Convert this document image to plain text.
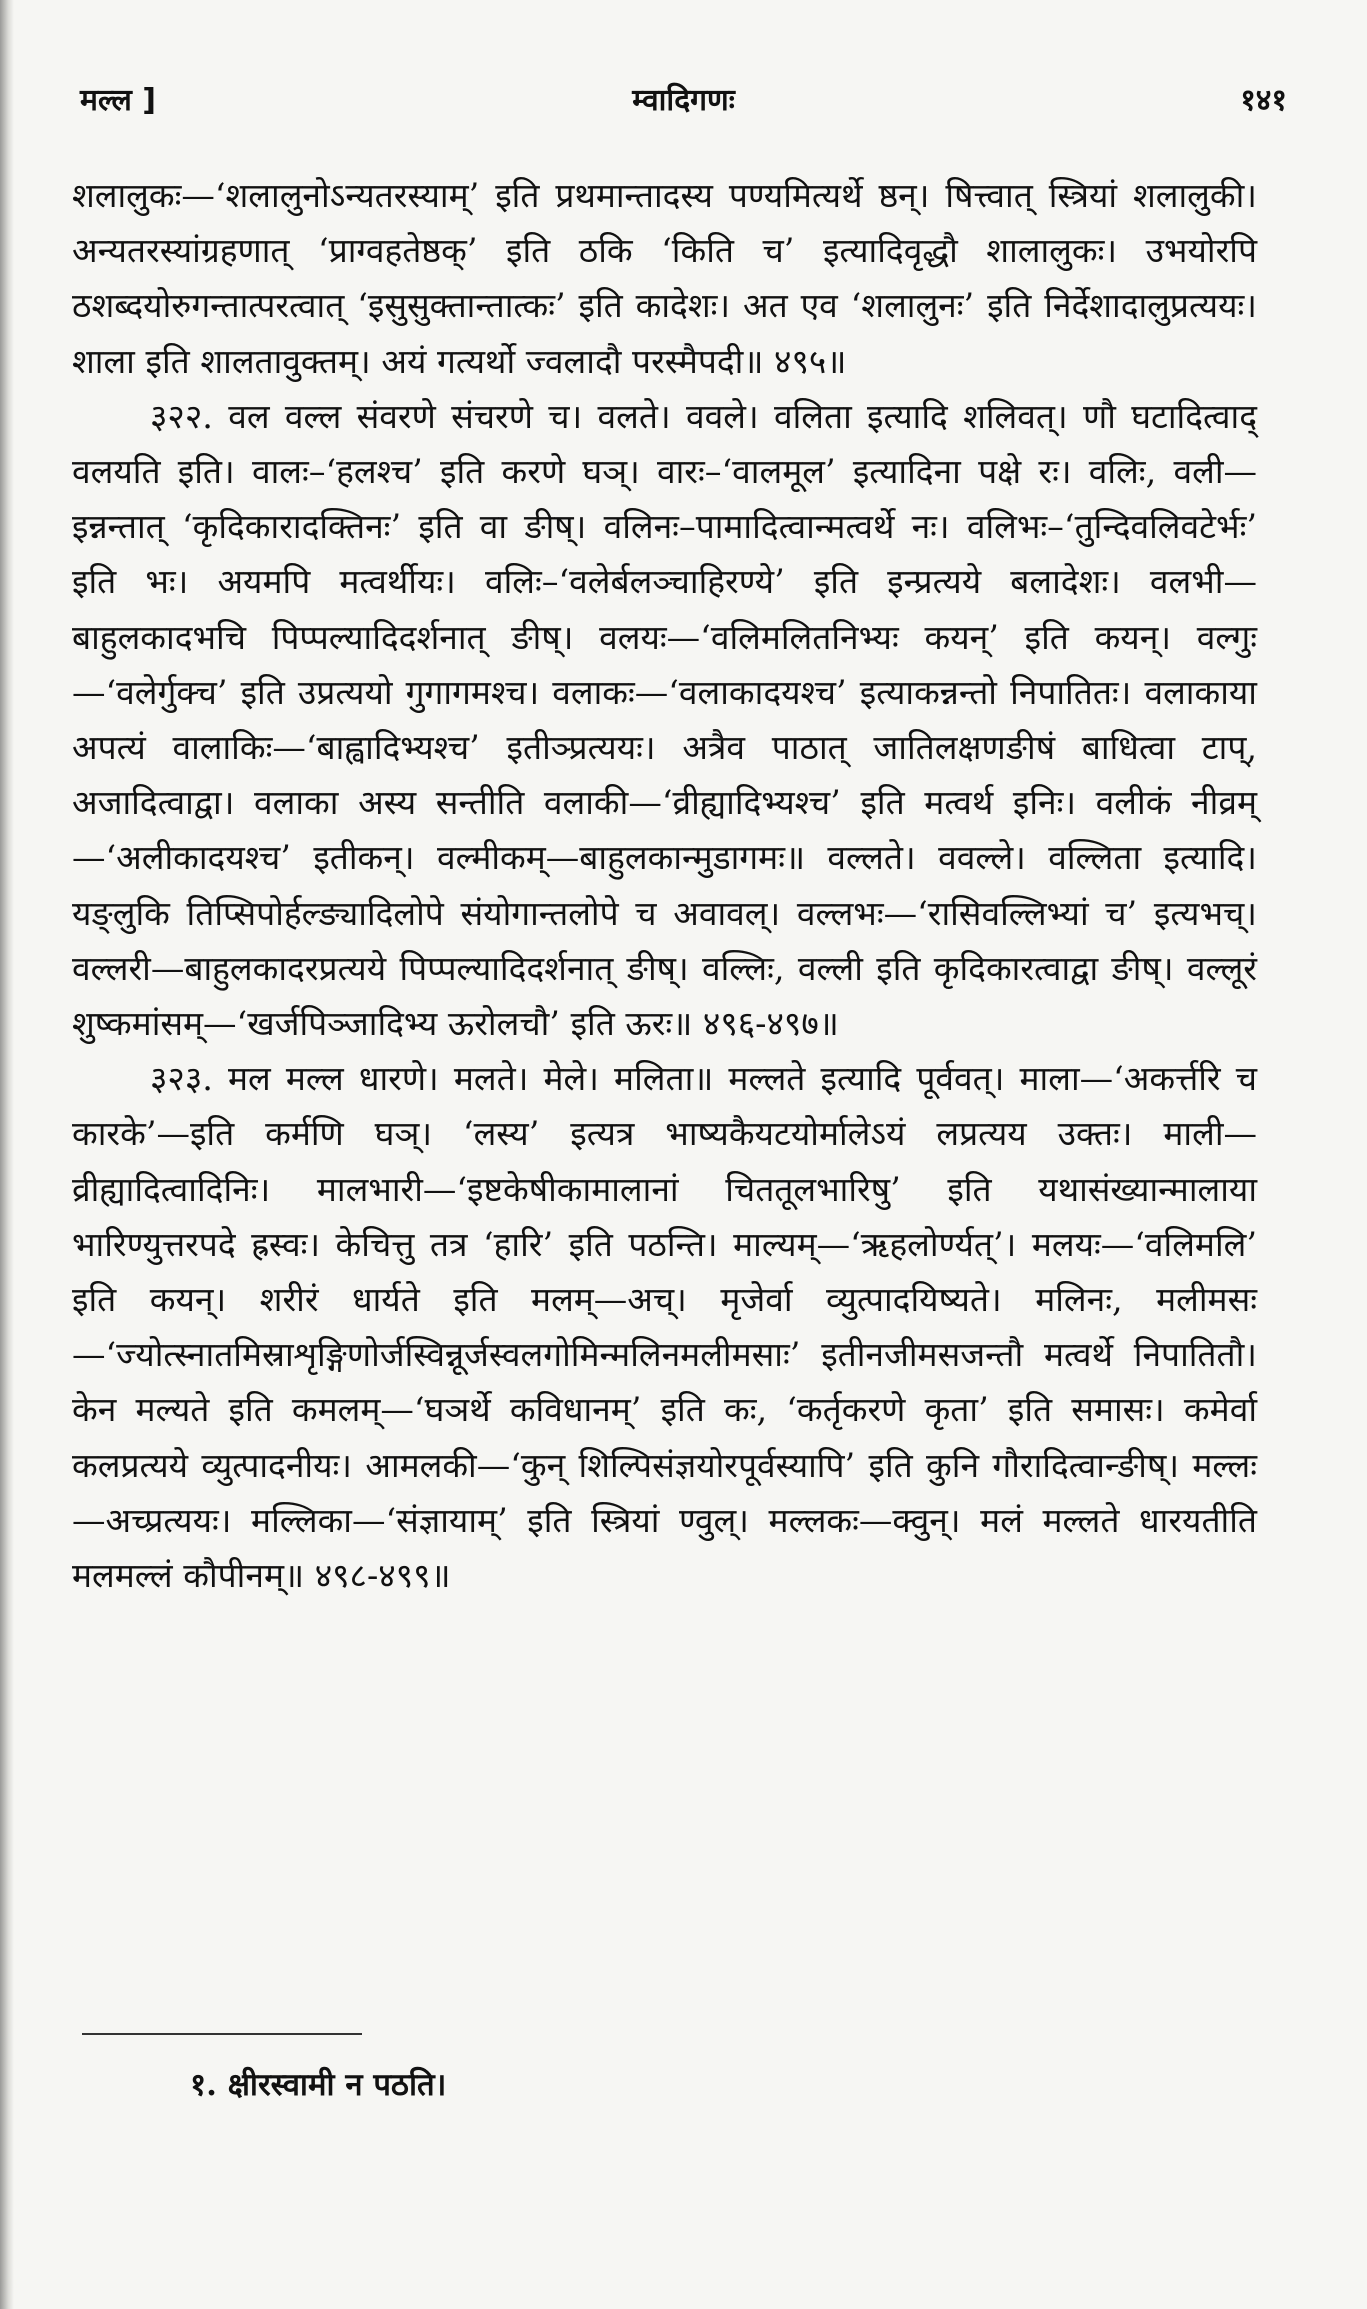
मल्ल ]	म्वादिगणः	१४१

शलालुकः—‘शलालुनोऽन्यतरस्याम्’ इति प्रथमान्तादस्य पण्यमित्यर्थे ष्ठन्। षित्त्वात् स्त्रियां शलालुकी। अन्यतरस्यांग्रहणात् ‘प्राग्वहतेष्ठक्’ इति ठकि ‘किति च’ इत्यादिवृद्धौ शालालुकः। उभयोरपि ठशब्दयोरुगन्तात्परत्वात् ‘इसुसुक्तान्तात्कः’ इति कादेशः। अत एव ‘शलालुनः’ इति निर्देशादालुप्रत्ययः। शाला इति शालतावुक्तम्। अयं गत्यर्थो ज्वलादौ परस्मैपदी॥ ४९५॥

३२२. वल वल्ल संवरणे संचरणे च। वलते। ववले। वलिता इत्यादि शलिवत्। णौ घटादित्वाद् वलयति इति। वालः–‘हलश्च’ इति करणे घञ्। वारः–‘वालमूल’ इत्यादिना पक्षे रः। वलिः, वली—इन्नन्तात् ‘कृदिकारादक्तिनः’ इति वा ङीष्। वलिनः–पामादित्वान्मत्वर्थे नः। वलिभः–‘तुन्दिवलिवटेर्भः’ इति भः। अयमपि मत्वर्थीयः। वलिः–‘वलेर्बलञ्चाहिरण्ये’ इति इन्प्रत्यये बलादेशः। वलभी—बाहुलकादभचि पिप्पल्यादिदर्शनात् ङीष्। वलयः—‘वलिमलितनिभ्यः कयन्’ इति कयन्। वल्गुः—‘वलेर्गुक्च’ इति उप्रत्ययो गुगागमश्च। वलाकः—‘वलाकादयश्च’ इत्याकन्नन्तो निपातितः। वलाकाया अपत्यं वालाकिः—‘बाह्वादिभ्यश्च’ इतीञ्प्रत्ययः। अत्रैव पाठात् जातिलक्षणङीषं बाधित्वा टाप्, अजादित्वाद्वा। वलाका अस्य सन्तीति वलाकी—‘व्रीह्यादिभ्यश्च’ इति मत्वर्थ इनिः। वलीकं नीव्रम्—‘अलीकादयश्च’ इतीकन्। वल्मीकम्—बाहुलकान्मुडागमः॥ वल्लते। ववल्ले। वल्लिता इत्यादि। यङ्लुकि तिप्सिपोर्हल्ङ्यादिलोपे संयोगान्तलोपे च अवावल्। वल्लभः—‘रासिवल्लिभ्यां च’ इत्यभच्। वल्लरी—बाहुलकादरप्रत्यये पिप्पल्यादिदर्शनात् ङीष्। वल्लिः, वल्ली इति कृदिकारत्वाद्वा ङीष्। वल्लूरं शुष्कमांसम्—‘खर्जपिञ्जादिभ्य ऊरोलचौ’ इति ऊरः॥ ४९६-४९७॥

३२३. मल मल्ल धारणे। मलते। मेले। मलिता॥ मल्लते इत्यादि पूर्ववत्। माला—‘अकर्त्तरि च कारके’—इति कर्मणि घञ्। ‘लस्य’ इत्यत्र भाष्यकैयटयोर्मालेऽयं लप्रत्यय उक्तः। माली—व्रीह्यादित्वादिनिः। मालभारी—‘इष्टकेषीकामालानां चिततूलभारिषु’ इति यथासंख्यान्मालाया भारिण्युत्तरपदे ह्रस्वः। केचित्तु तत्र ‘हारि’ इति पठन्ति। माल्यम्—‘ऋहलोर्ण्यत्’। मलयः—‘वलिमलि’ इति कयन्। शरीरं धार्यते इति मलम्—अच्। मृजेर्वा व्युत्पादयिष्यते। मलिनः, मलीमसः—‘ज्योत्स्नातमिस्राशृङ्गिणोर्जस्विन्नूर्जस्वलगोमिन्मलिनमलीमसाः’ इतीनजीमसजन्तौ मत्वर्थे निपातितौ। केन मल्यते इति कमलम्—‘घञर्थे कविधानम्’ इति कः, ‘कर्तृकरणे कृता’ इति समासः। कमेर्वा कलप्रत्यये व्युत्पादनीयः। आमलकी—‘कुन् शिल्पिसंज्ञयोरपूर्वस्यापि’ इति कुनि गौरादित्वान्ङीष्। मल्लः—अच्प्रत्ययः। मल्लिका—‘संज्ञायाम्’ इति स्त्रियां ण्वुल्। मल्लकः—क्वुन्। मलं मल्लते धारयतीति मलमल्लं कौपीनम्॥ ४९८-४९९॥

१. क्षीरस्वामी न पठति।
